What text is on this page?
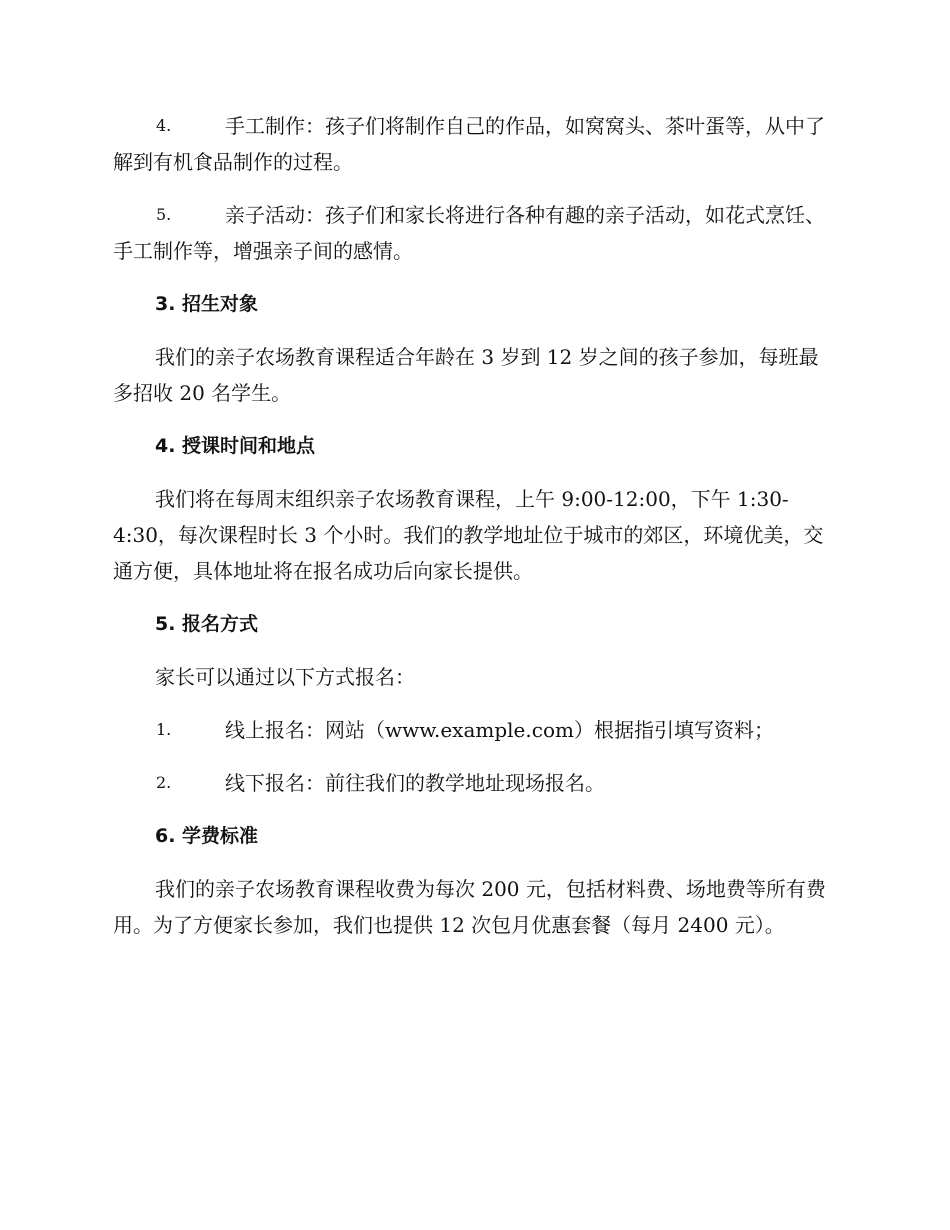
4.	手工制作：孩子们将制作自己的作品，如窝窝头、茶叶蛋等，从中了解到有机食品制作的过程。
5.	亲子活动：孩子们和家长将进行各种有趣的亲子活动，如花式烹饪、手工制作等，增强亲子间的感情。
3. 招生对象

我们的亲子农场教育课程适合年龄在 3 岁到 12 岁之间的孩子参加，每班最多招收 20 名学生。

4. 授课时间和地点

我们将在每周末组织亲子农场教育课程，上午 9:00-12:00，下午 1:30-4:30，每次课程时长 3 个小时。我们的教学地址位于城市的郊区，环境优美，交通方便，具体地址将在报名成功后向家长提供。

5. 报名方式

家长可以通过以下方式报名：

1.	线上报名：网站（www.example.com）根据指引填写资料；
2.	线下报名：前往我们的教学地址现场报名。
6. 学费标准

我们的亲子农场教育课程收费为每次 200 元，包括材料费、场地费等所有费用。为了方便家长参加，我们也提供 12 次包月优惠套餐（每月 2400 元）。
